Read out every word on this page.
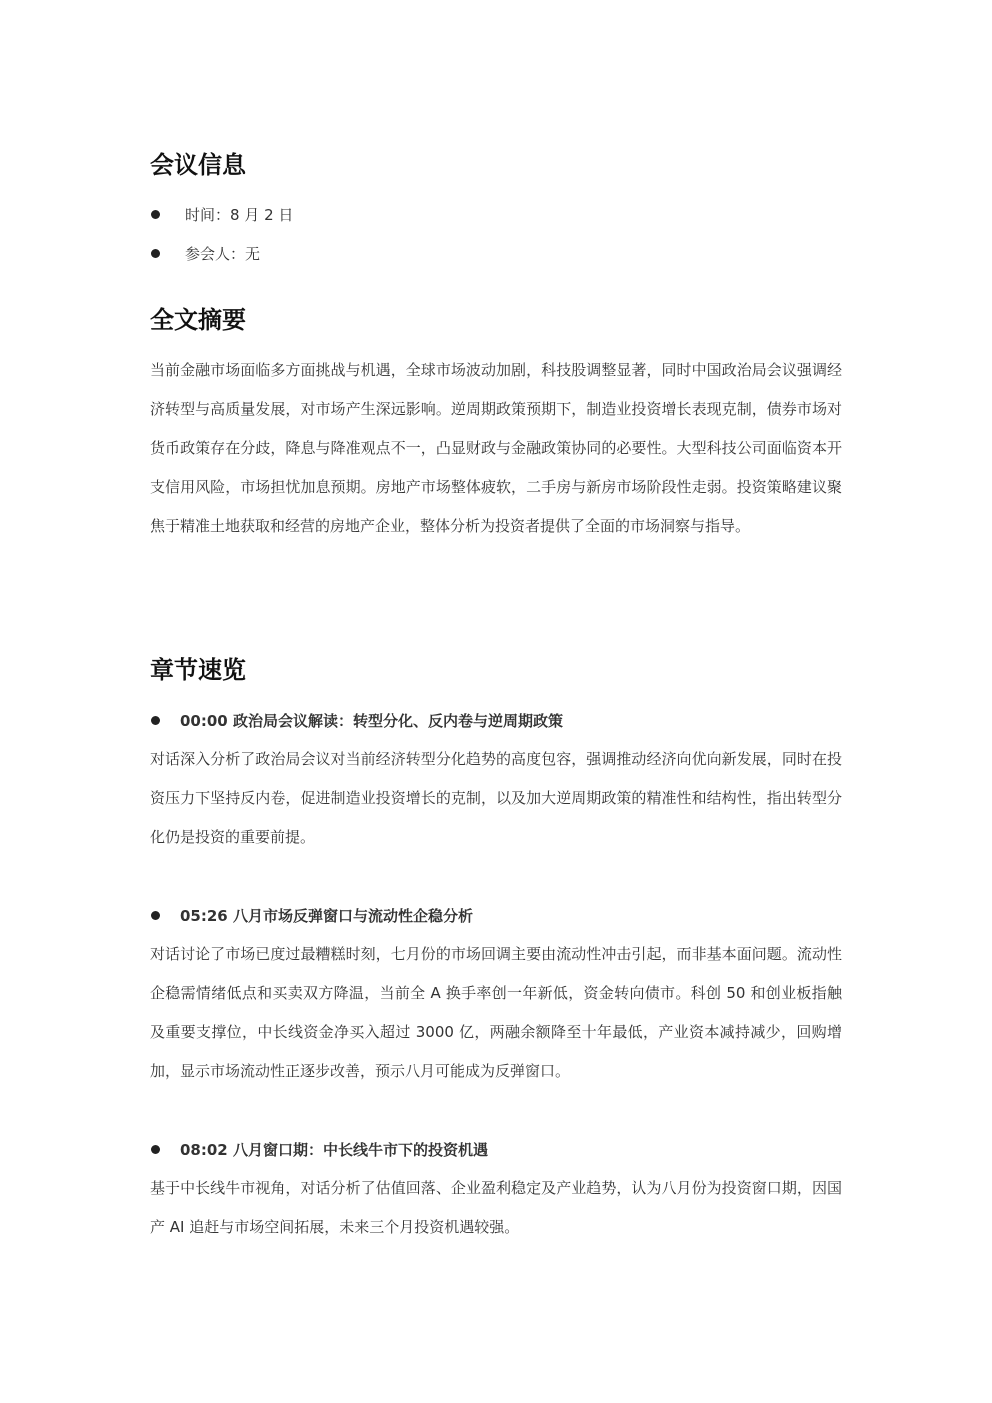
会议信息
时间：8 月 2 日
参会人：无
全文摘要
当前金融市场面临多方面挑战与机遇，全球市场波动加剧，科技股调整显著，同时中国政治局会议强调经济转型与高质量发展，对市场产生深远影响。逆周期政策预期下，制造业投资增长表现克制，债券市场对货币政策存在分歧，降息与降准观点不一，凸显财政与金融政策协同的必要性。大型科技公司面临资本开支信用风险，市场担忧加息预期。房地产市场整体疲软，二手房与新房市场阶段性走弱。投资策略建议聚焦于精准土地获取和经营的房地产企业，整体分析为投资者提供了全面的市场洞察与指导。
章节速览
00:00 政治局会议解读：转型分化、反内卷与逆周期政策
对话深入分析了政治局会议对当前经济转型分化趋势的高度包容，强调推动经济向优向新发展，同时在投资压力下坚持反内卷，促进制造业投资增长的克制，以及加大逆周期政策的精准性和结构性，指出转型分化仍是投资的重要前提。
05:26 八月市场反弹窗口与流动性企稳分析
对话讨论了市场已度过最糟糕时刻，七月份的市场回调主要由流动性冲击引起，而非基本面问题。流动性企稳需情绪低点和买卖双方降温，当前全 A 换手率创一年新低，资金转向债市。科创 50 和创业板指触及重要支撑位，中长线资金净买入超过 3000 亿，两融余额降至十年最低，产业资本减持减少，回购增加，显示市场流动性正逐步改善，预示八月可能成为反弹窗口。
08:02 八月窗口期：中长线牛市下的投资机遇
基于中长线牛市视角，对话分析了估值回落、企业盈利稳定及产业趋势，认为八月份为投资窗口期，因国产 AI 追赶与市场空间拓展，未来三个月投资机遇较强。
